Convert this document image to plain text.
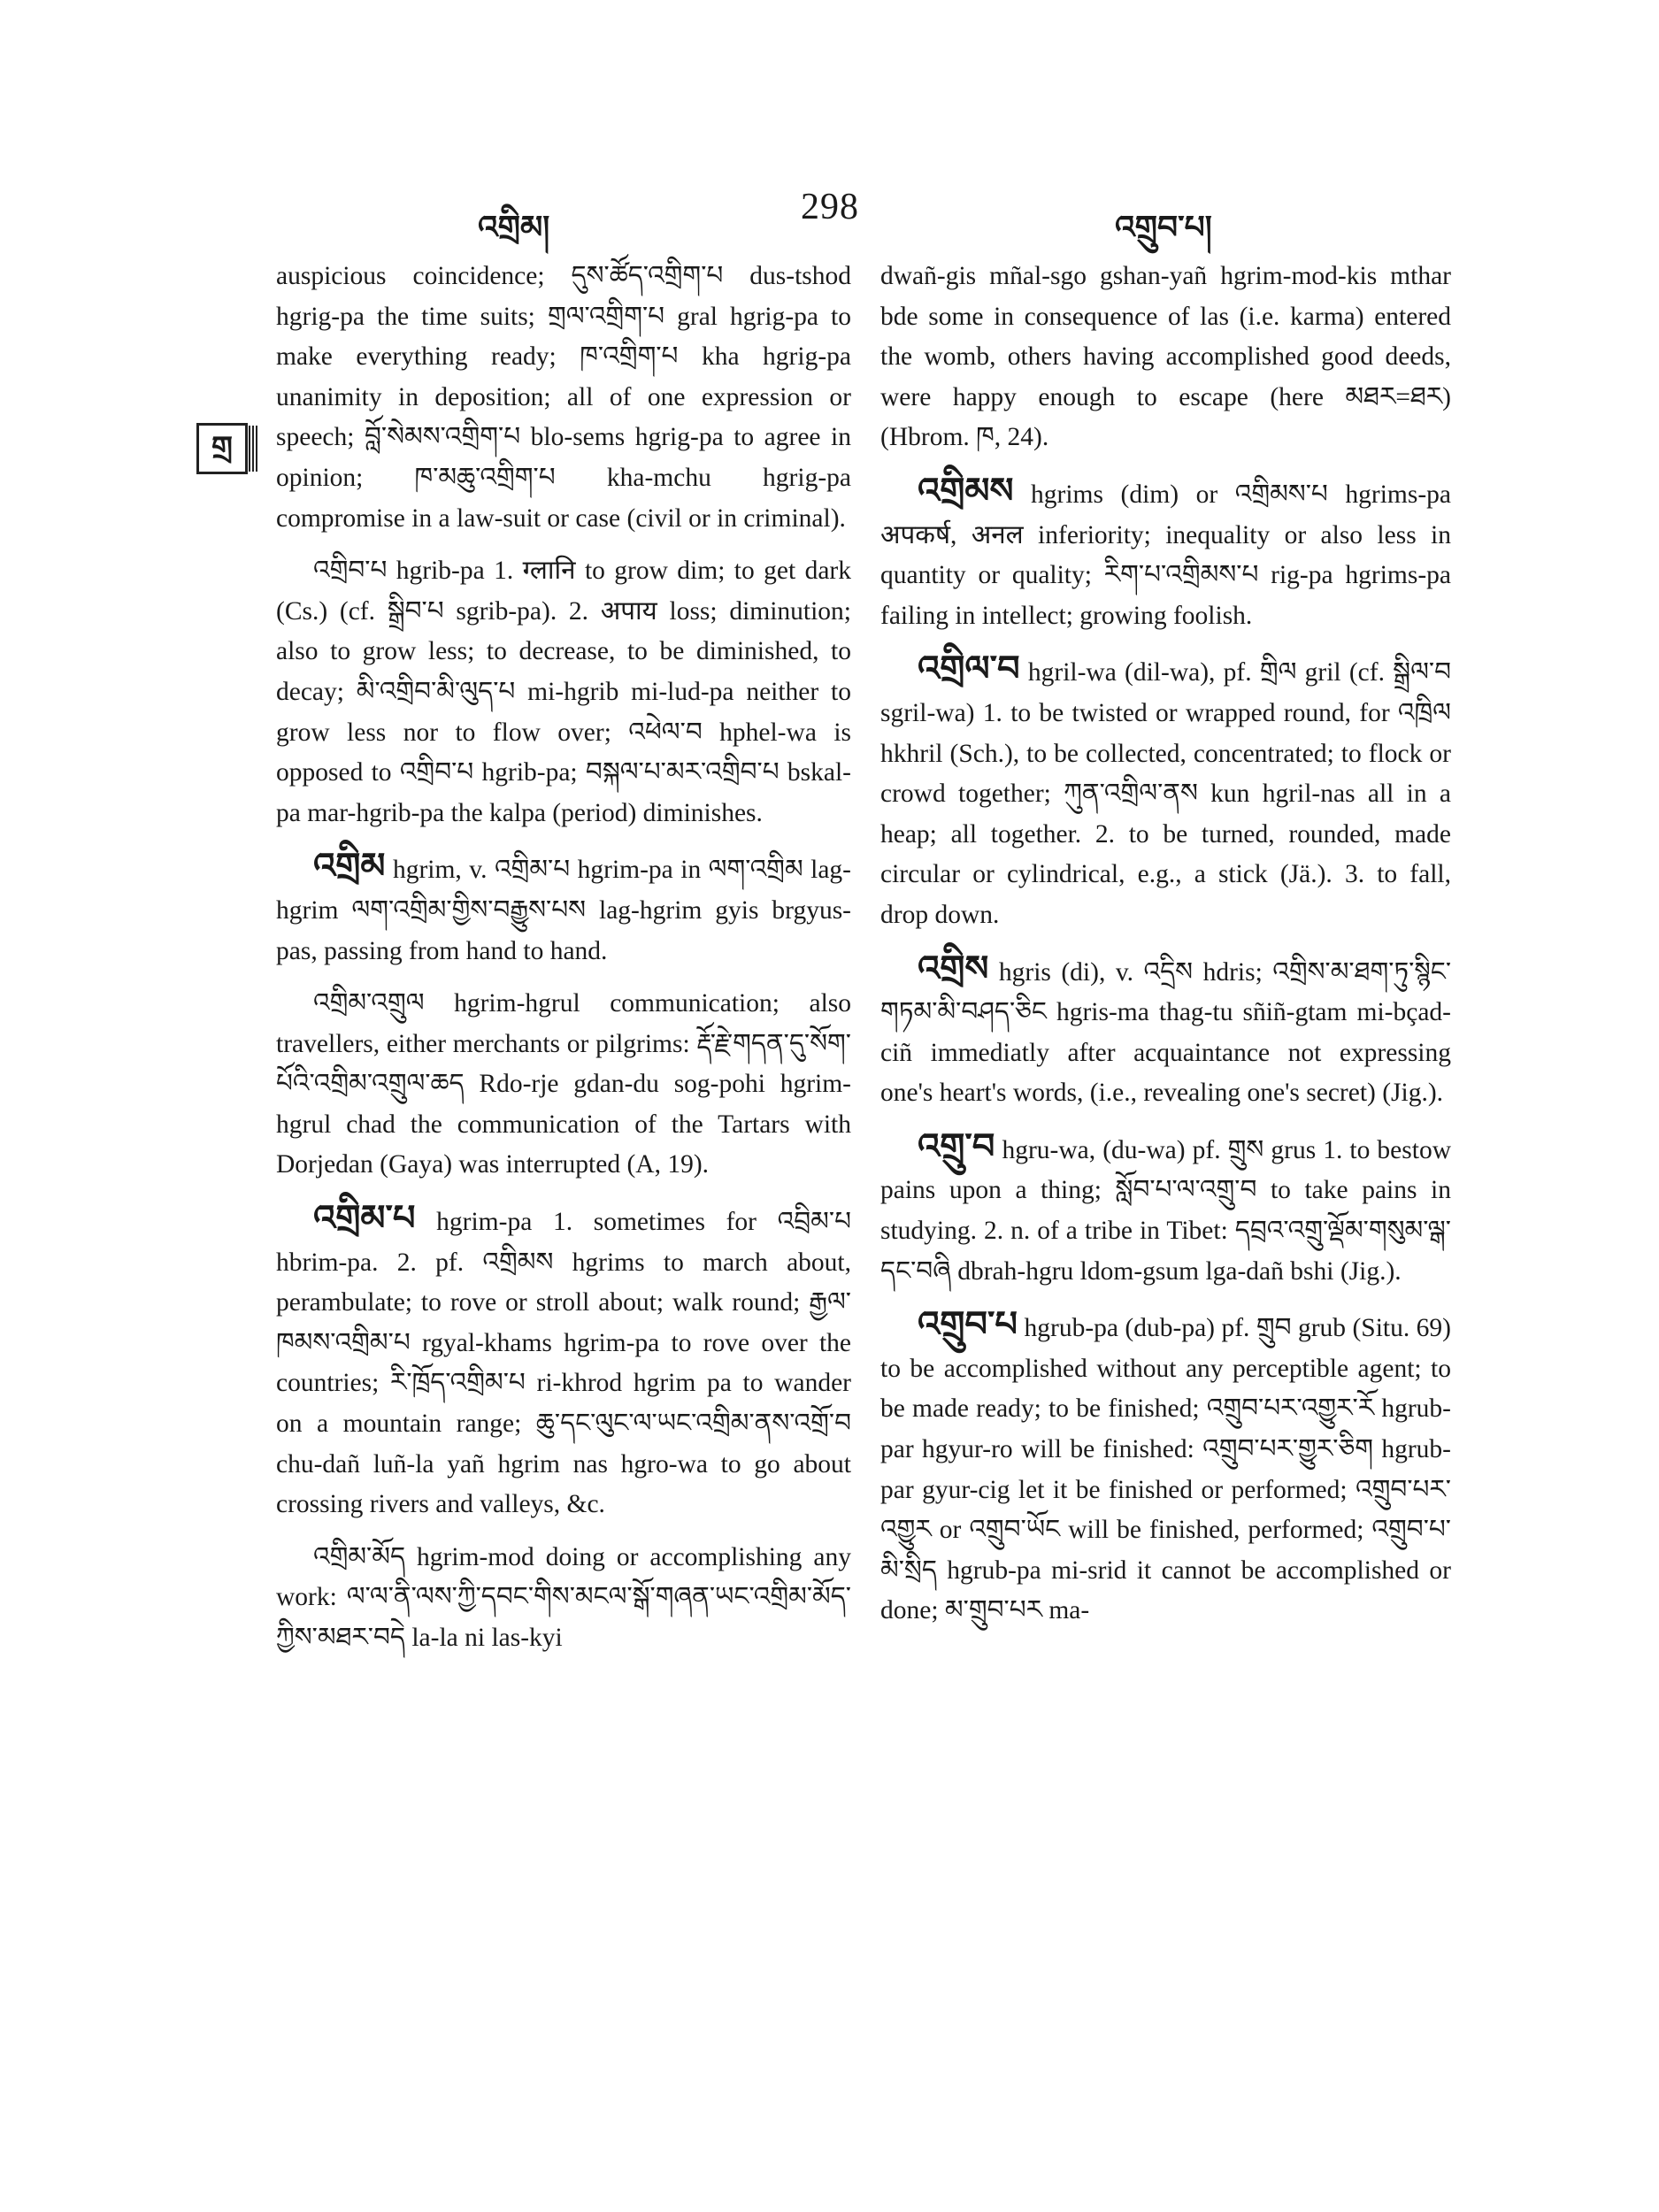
འགྲིམ།	298	འགྲུབ་པ།
གྲ

auspicious coincidence; དུས་ཚོད་འགྲིག་པ dus-tshod hgrig-pa the time suits; གྲལ་འགྲིག་པ gral hgrig-pa to make everything ready; ཁ་འགྲིག་པ kha hgrig-pa unanimity in deposition; all of one expression or speech; བློ་སེམས་འགྲིག་པ blo-sems hgrig-pa to agree in opinion; ཁ་མཆུ་འགྲིག་པ kha-mchu hgrig-pa compromise in a law-suit or case (civil or in criminal).

འགྲིབ་པ hgrib-pa 1. ग्लानि to grow dim; to get dark (Cs.) (cf. སྒྲིབ་པ sgrib-pa). 2. अपाय loss; diminution; also to grow less; to decrease, to be diminished, to decay; མི་འགྲིབ་མི་ལུད་པ mi-hgrib mi-lud-pa neither to grow less nor to flow over; འཕེལ་བ hphel-wa is opposed to འགྲིབ་པ hgrib-pa; བསྐལ་པ་མར་འགྲིབ་པ bskal-pa mar-hgrib-pa the kalpa (period) diminishes.

འགྲིམ hgrim, v. འགྲིམ་པ hgrim-pa in ལག་འགྲིམ lag-hgrim ལག་འགྲིམ་གྱིས་བརྒྱུས་པས lag-hgrim gyis brgyus-pas, passing from hand to hand.

འགྲིམ་འགྲུལ hgrim-hgrul communication; also travellers, either merchants or pilgrims: རྡོ་རྗེ་གདན་དུ་སོག་པོའི་འགྲིམ་འགྲུལ་ཆད Rdo-rje gdan-du sog-pohi hgrim-hgrul chad the communication of the Tartars with Dorjedan (Gaya) was interrupted (A, 19).

འགྲིམ་པ hgrim-pa 1. sometimes for འབྲིམ་པ hbrim-pa. 2. pf. འགྲིམས hgrims to march about, perambulate; to rove or stroll about; walk round; རྒྱལ་ཁམས་འགྲིམ་པ rgyal-khams hgrim-pa to rove over the countries; རི་ཁྲོད་འགྲིམ་པ ri-khrod hgrim pa to wander on a mountain range; ཆུ་དང་ལུང་ལ་ཡང་འགྲིམ་ནས་འགྲོ་བ chu-dañ luñ-la yañ hgrim nas hgro-wa to go about crossing rivers and valleys, &c.

འགྲིམ་མོད hgrim-mod doing or accomplishing any work: ལ་ལ་ནི་ལས་ཀྱི་དབང་གིས་མངལ་སྒོ་གཞན་ཡང་འགྲིམ་མོད་ཀྱིས་མཐར་བདེ la-la ni las-kyi

dwañ-gis mñal-sgo gshan-yañ hgrim-mod-kis mthar bde some in consequence of las (i.e. karma) entered the womb, others having accomplished good deeds, were happy enough to escape (here མཐར=ཐར) (Hbrom. ཁ, 24).

འགྲིམས hgrims (dim) or འགྲིམས་པ hgrims-pa अपकर्ष, अनल inferiority; inequality or also less in quantity or quality; རིག་པ་འགྲིམས་པ rig-pa hgrims-pa failing in intellect; growing foolish.

འགྲིལ་བ hgril-wa (dil-wa), pf. གྲིལ gril (cf. སྒྲིལ་བ sgril-wa) 1. to be twisted or wrapped round, for འཁྲིལ hkhril (Sch.), to be collected, concentrated; to flock or crowd together; ཀུན་འགྲིལ་ནས kun hgril-nas all in a heap; all together. 2. to be turned, rounded, made circular or cylindrical, e.g., a stick (Jä.). 3. to fall, drop down.

འགྲིས hgris (di), v. འདྲིས hdris; འགྲིས་མ་ཐག་ཏུ་སྙིང་གཏམ་མི་བཤད་ཅིང hgris-ma thag-tu sñiñ-gtam mi-bçad-ciñ immediatly after acquaintance not expressing one's heart's words, (i.e., revealing one's secret) (Jig.).

འགྲུ་བ hgru-wa, (du-wa) pf. གྲུས grus 1. to bestow pains upon a thing; སློབ་པ་ལ་འགྲུ་བ to take pains in studying. 2. n. of a tribe in Tibet: དབྲའ་འགྲུ་ལྡོམ་གསུམ་ལྒ་དང་བཞི dbrah-hgru ldom-gsum lga-dañ bshi (Jig.).

འགྲུབ་པ hgrub-pa (dub-pa) pf. གྲུབ grub (Situ. 69) to be accomplished without any perceptible agent; to be made ready; to be finished; འགྲུབ་པར་འགྱུར་རོ hgrub-par hgyur-ro will be finished: འགྲུབ་པར་གྱུར་ཅིག hgrub-par gyur-cig let it be finished or performed; འགྲུབ་པར་འགྱུར or འགྲུབ་ཡོང will be finished, performed; འགྲུབ་པ་མི་སྲིད hgrub-pa mi-srid it cannot be accomplished or done; མ་གྲུབ་པར ma-
